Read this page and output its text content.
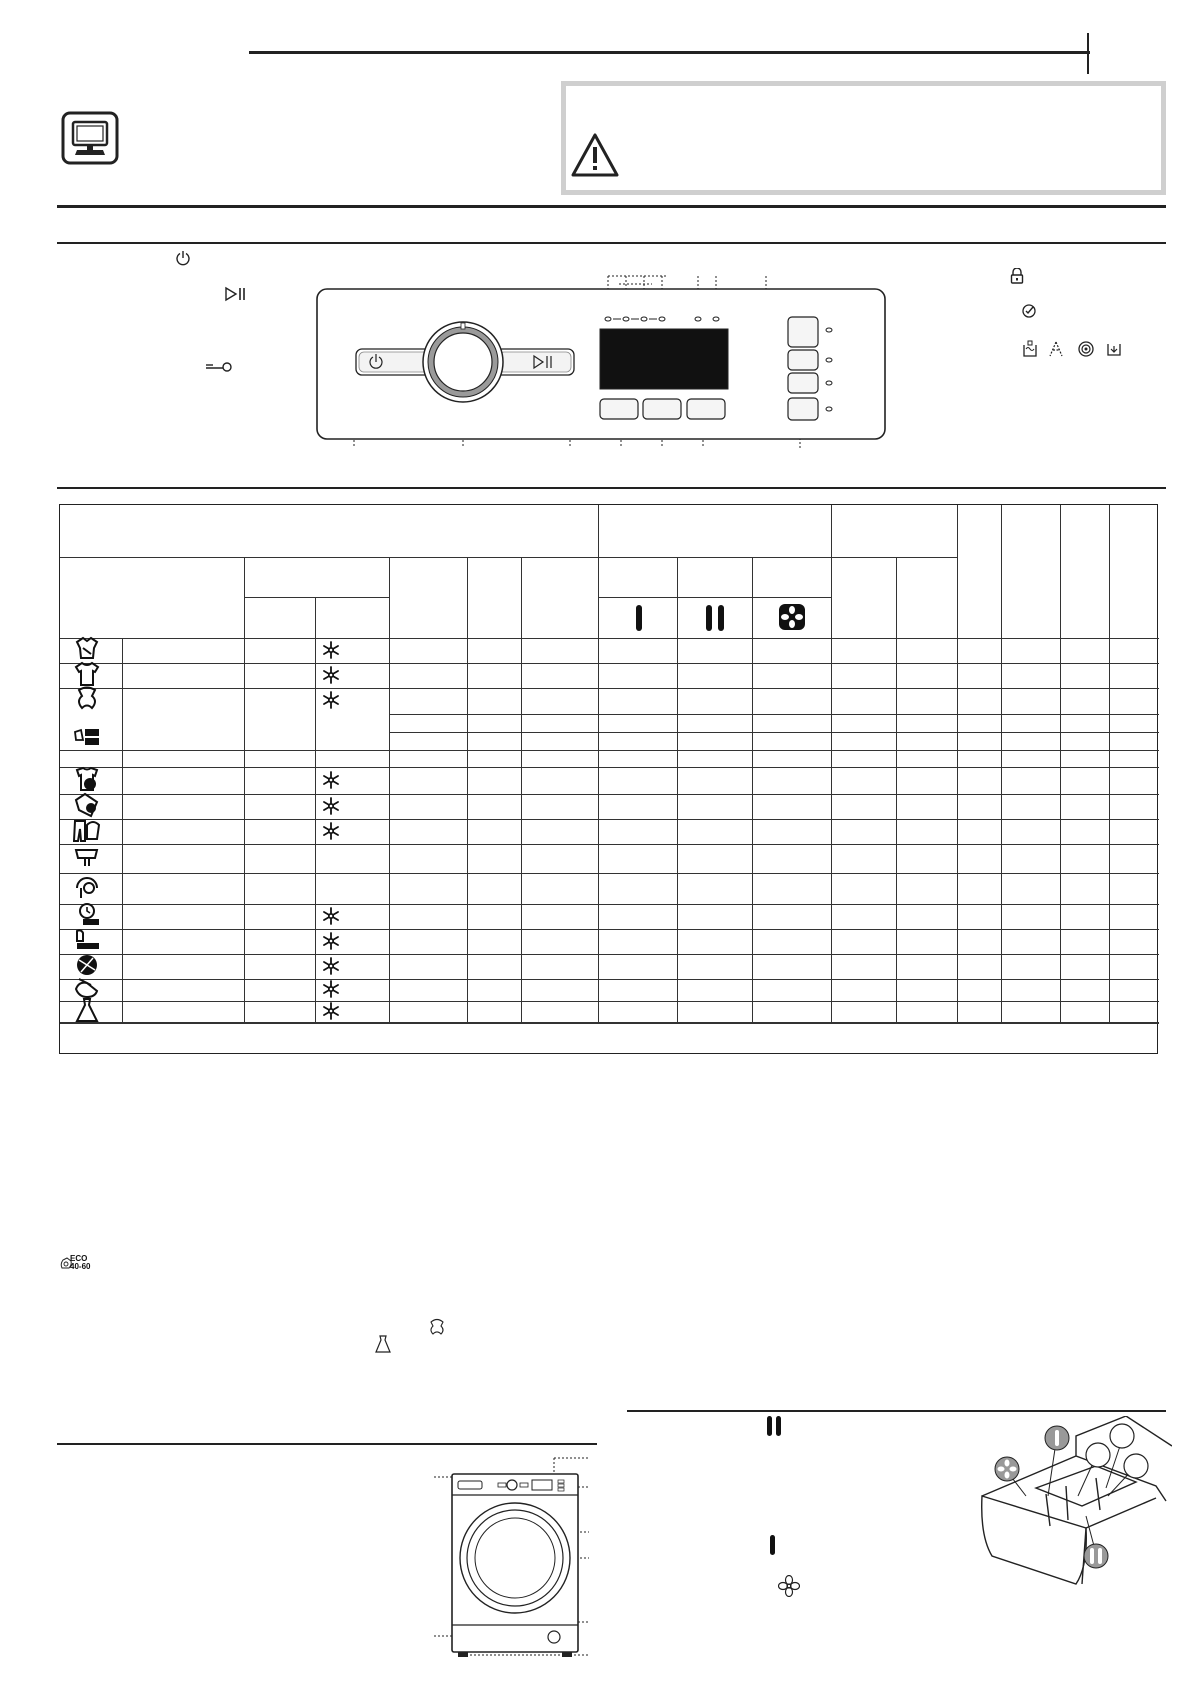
ECO
40-60
